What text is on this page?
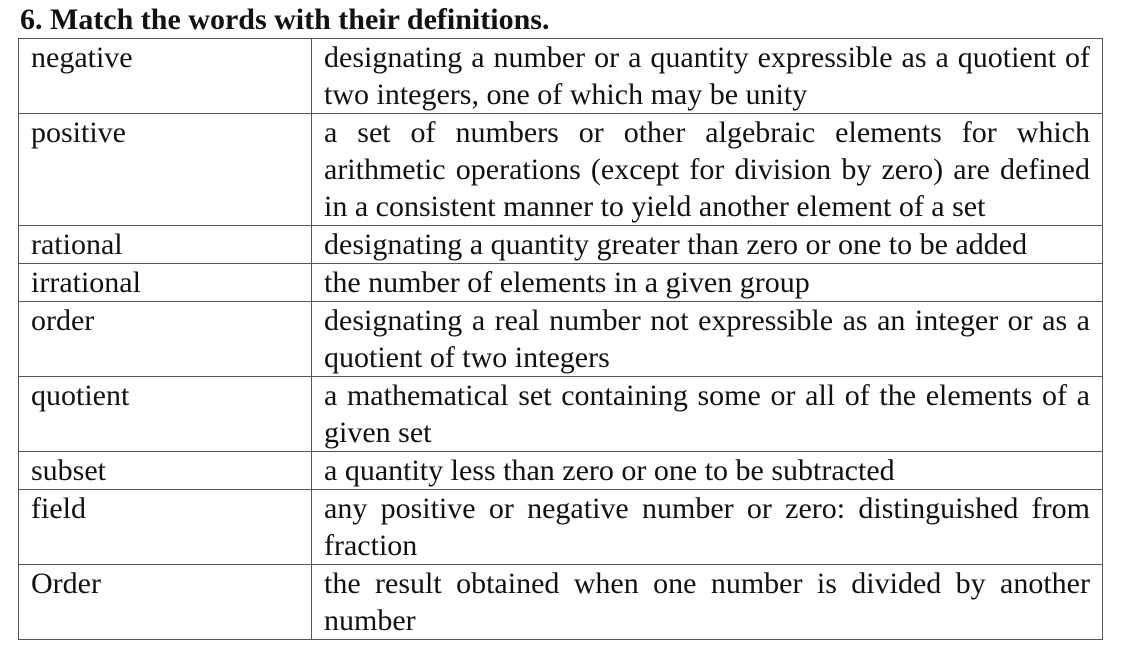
6. Match the words with their definitions.
negative	designating a number or a quantity expressible as a quotient of two integers, one of which may be unity
positive	a set of numbers or other algebraic elements for which arithmetic operations (except for division by zero) are defined in a consistent manner to yield another element of a set
rational	designating a quantity greater than zero or one to be added
irrational	the number of elements in a given group
order	designating a real number not expressible as an integer or as a quotient of two integers
quotient	a mathematical set containing some or all of the elements of a given set
subset	a quantity less than zero or one to be subtracted
field	any positive or negative number or zero: distinguished from fraction
Order	the result obtained when one number is divided by another number
